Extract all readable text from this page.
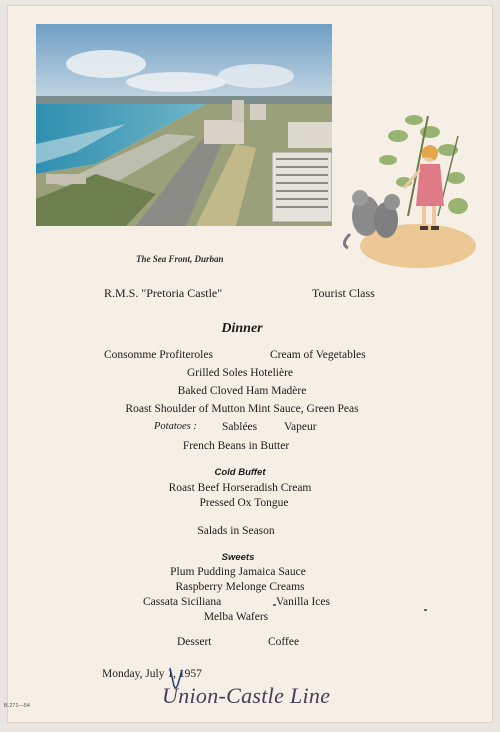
The Sea Front, Durban
R.M.S. "Pretoria Castle"	Tourist Class
Dinner
Consomme Profiteroles	Cream of Vegetables
Grilled Soles Hotelière
Baked Cloved Ham Madère
Roast Shoulder of Mutton Mint Sauce, Green Peas
Potatoes : Sablées Vapeur
French Beans in Butter
Cold Buffet
Roast Beef Horseradish Cream
Pressed Ox Tongue
Salads in Season
Sweets
Plum Pudding Jamaica Sauce
Raspberry Melonge Creams
Cassata Siciliana	Vanilla Ices
Melba Wafers
Dessert	Coffee
Monday, July 1, 1957
Union-Castle Line
B.271—54
